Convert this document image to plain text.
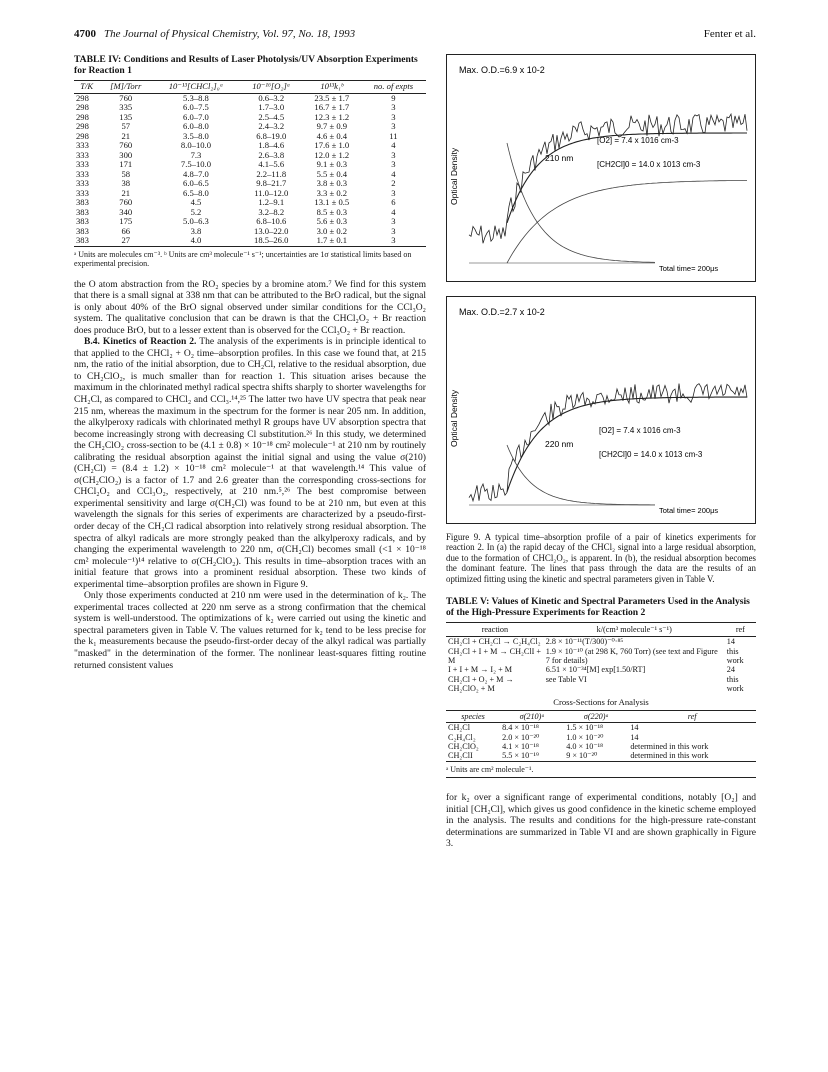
4700 The Journal of Physical Chemistry, Vol. 97, No. 18, 1993	Fenter et al.
TABLE IV: Conditions and Results of Laser Photolysis/UV Absorption Experiments for Reaction 1
T/K	[M]/Torr	10⁻¹³[CHCl₂]₀ᵃ	10⁻¹⁶[O₂]ᵃ	10¹³k₁ᵇ	no. of expts
298	760	5.3–8.8	0.6–3.2	23.5 ± 1.7	9
298	335	6.0–7.5	1.7–3.0	16.7 ± 1.7	3
298	135	6.0–7.0	2.5–4.5	12.3 ± 1.2	3
298	57	6.0–8.0	2.4–3.2	9.7 ± 0.9	3
298	21	3.5–8.0	6.8–19.0	4.6 ± 0.4	11
333	760	8.0–10.0	1.8–4.6	17.6 ± 1.0	4
333	300	7.3	2.6–3.8	12.0 ± 1.2	3
333	171	7.5–10.0	4.1–5.6	9.1 ± 0.3	3
333	58	4.8–7.0	2.2–11.8	5.5 ± 0.4	4
333	38	6.0–6.5	9.8–21.7	3.8 ± 0.3	2
333	21	6.5–8.0	11.0–12.0	3.3 ± 0.2	3
383	760	4.5	1.2–9.1	13.1 ± 0.5	6
383	340	5.2	3.2–8.2	8.5 ± 0.3	4
383	175	5.0–6.3	6.8–10.6	5.6 ± 0.3	3
383	66	3.8	13.0–22.0	3.0 ± 0.2	3
383	27	4.0	18.5–26.0	1.7 ± 0.1	3
ᵃ Units are molecules cm⁻³. ᵇ Units are cm³ molecule⁻¹ s⁻¹; uncertainties are 1σ statistical limits based on experimental precision.

the O atom abstraction from the RO₂ species by a bromine atom.⁷ We find for this system that there is a small signal at 338 nm that can be attributed to the BrO radical, but the signal is only about 40% of the BrO signal observed under similar conditions for the CCl₃O₂ system. The qualitative conclusion that can be drawn is that the CHCl₂O₂ + Br reaction does produce BrO, but to a lesser extent than is observed for the CCl₃O₂ + Br reaction.

B.4. Kinetics of Reaction 2. The analysis of the experiments is in principle identical to that applied to the CHCl₂ + O₂ time–absorption profiles. In this case we found that, at 215 nm, the ratio of the initial absorption, due to CH₂Cl, relative to the residual absorption, due to CH₂ClO₂, is much smaller than for reaction 1. This situation arises because the maximum in the chlorinated methyl radical spectra shifts sharply to shorter wavelengths for CH₂Cl, as compared to CHCl₂ and CCl₃.¹⁴,²⁵ The latter two have UV spectra that peak near 215 nm, whereas the maximum in the spectrum for the former is near 205 nm. In addition, the alkylperoxy radicals with chlorinated methyl R groups have UV absorption spectra that become increasingly strong with decreasing Cl substitution.²⁶ In this study, we determined the CH₂ClO₂ cross-section to be (4.1 ± 0.8) × 10⁻¹⁸ cm² molecule⁻¹ at 210 nm by routinely calibrating the residual absorption against the initial signal and using the value σ(210)(CH₂Cl) = (8.4 ± 1.2) × 10⁻¹⁸ cm² molecule⁻¹ at that wavelength.¹⁴ This value of σ(CH₂ClO₂) is a factor of 1.7 and 2.6 greater than the corresponding cross-sections for CHCl₂O₂ and CCl₃O₂, respectively, at 210 nm.⁵,²⁶ The best compromise between experimental sensitivity and large σ(CH₂Cl) was found to be at 210 nm, but even at this wavelength the signals for this series of experiments are characterized by a pseudo-first-order decay of the CH₂Cl radical absorption into relatively strong residual absorption. The spectra of alkyl radicals are more strongly peaked than the alkylperoxy radicals, and by changing the experimental wavelength to 220 nm, σ(CH₂Cl) becomes small (<1 × 10⁻¹⁸ cm² molecule⁻¹)¹⁴ relative to σ(CH₂ClO₂). This results in time–absorption traces with an initial feature that grows into a prominent residual absorption. These two kinds of experimental time–absorption profiles are shown in Figure 9.

Only those experiments conducted at 210 nm were used in the determination of k₂. The experimental traces collected at 220 nm serve as a strong confirmation that the chemical system is well-understood. The optimizations of k₂ were carried out using the kinetic and spectral parameters given in Table V. The values returned for k₂ tend to be less precise for the k₁ measurements because the pseudo-first-order decay of the alkyl radical was partially "masked" in the determination of the former. The nonlinear least-squares fitting routine returned consistent values

Max. O.D.=6.9 x 10-2
Optical Density	210 nm
[O2] = 7.4 x 1016 cm-3
[CH2Cl]0 = 14.0 x 1013 cm-3
Total time= 200μs
Max. O.D.=2.7 x 10-2
Optical Density	220 nm
[O2] = 7.4 x 1016 cm-3
[CH2Cl]0 = 14.0 x 1013 cm-3
Total time= 200μs
Figure 9. A typical time–absorption profile of a pair of kinetics experiments for reaction 2. In (a) the rapid decay of the CHCl₂ signal into a large residual absorption, due to the formation of CHCl₂O₂, is apparent. In (b), the residual absorption becomes the dominant feature. The lines that pass through the data are the results of an optimized fitting using the kinetic and spectral parameters given in Table V.
TABLE V: Values of Kinetic and Spectral Parameters Used in the Analysis of the High-Pressure Experiments for Reaction 2
reaction	k/(cm³ molecule⁻¹ s⁻¹)	ref
CH₂Cl + CH₂Cl → C₂H₄Cl₂	2.8 × 10⁻¹¹(T/300)⁻⁰·⁸⁵	14
CH₂Cl + I + M → CH₂ClI + M	1.9 × 10⁻¹⁰ (at 298 K, 760 Torr) (see text and Figure 7 for details)	this work
I + I + M → I₂ + M	6.51 × 10⁻³⁴[M] exp[1.50/RT]	24
CH₂Cl + O₂ + M → CH₂ClO₂ + M	see Table VI	this work
Cross-Sections for Analysis
species	σ(210)ᵃ	σ(220)ᵃ	ref
CH₂Cl	8.4 × 10⁻¹⁸	1.5 × 10⁻¹⁸	14
C₂H₄Cl₂	2.0 × 10⁻²⁰	1.0 × 10⁻²⁰	14
CH₂ClO₂	4.1 × 10⁻¹⁸	4.0 × 10⁻¹⁸	determined in this work
CH₂ClI	5.5 × 10⁻¹⁹	9 × 10⁻²⁰	determined in this work
ᵃ Units are cm² molecule⁻¹.

for k₂ over a significant range of experimental conditions, notably [O₂] and initial [CH₂Cl], which gives us good confidence in the kinetic scheme employed in the analysis. The results and conditions for the high-pressure rate-constant determinations are summarized in Table VI and are shown graphically in Figure 3.
